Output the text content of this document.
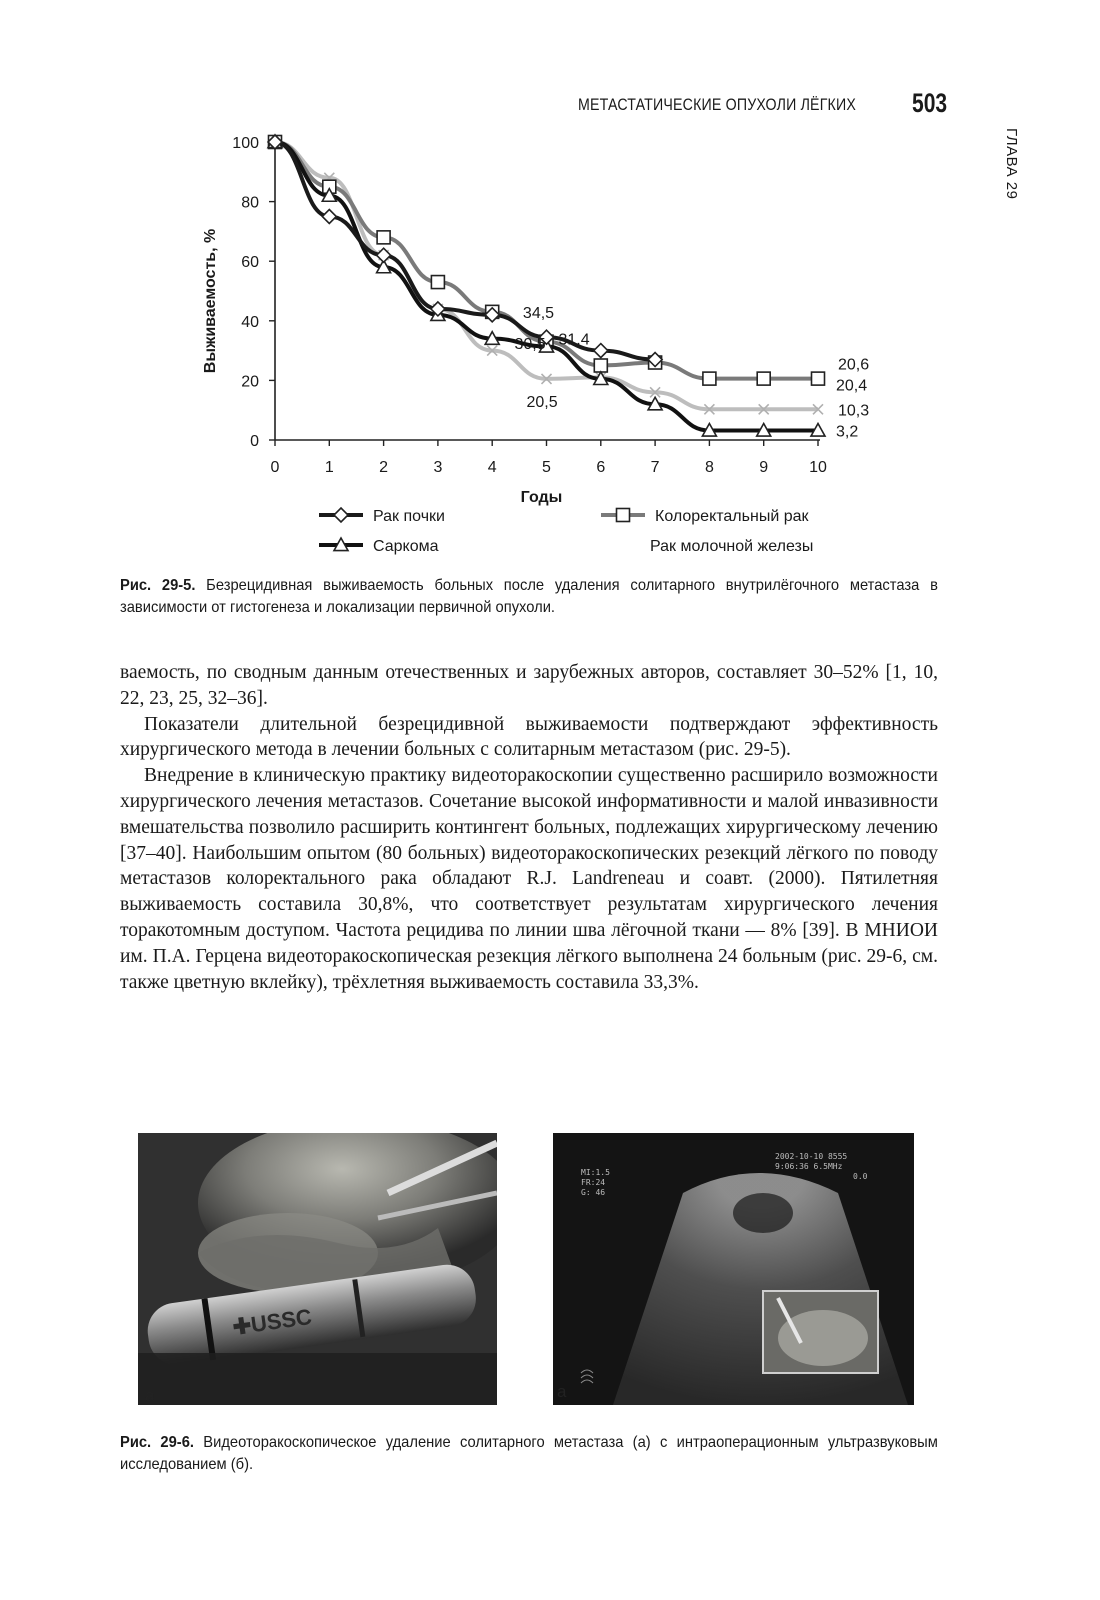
МЕТАСТАТИЧЕСКИЕ ОПУХОЛИ ЛЁГКИХ 503
ГЛАВА 29
0
20
40
60
80
100
0	1	2	3	4	5	6	7	8	9	10
Годы
Выживаемость, %	34,5
31,4
30,5
20,5
20,6
20,4
10,3
3,2
Рак почки	Колоректальный рак
Саркома	Рак молочной железы
Рис. 29-5. Безрецидивная выживаемость больных после удаления солитарного внутрилёгочного метастаза в зависимости от гистогенеза и локализации первичной опухоли.

ваемость, по сводным данным отечественных и зарубежных авторов, составляет 30–52% [1, 10, 22, 23, 25, 32–36].

Показатели длительной безрецидивной выживаемости подтверждают эффективность хирургического метода в лечении больных с солитарным метастазом (рис. 29-5).

Внедрение в клиническую практику видеоторакоскопии существенно расширило возможности хирургического лечения метастазов. Сочетание высокой информативности и малой инвазивности вмешательства позволило расширить контингент больных, подлежащих хирургическому лечению [37–40]. Наибольшим опытом (80 больных) видеоторакоскопических резекций лёгкого по поводу метастазов колоректального рака обладают R.J. Landreneau и соавт. (2000). Пятилетняя выживаемость составила 30,8%, что соответствует результатам хирургического лечения торакотомным доступом. Частота рецидива по линии шва лёгочной ткани — 8% [39]. В МНИОИ им. П.А. Герцена видеоторакоскопическая резекция лёгкого выполнена 24 больным (рис. 29-6, см. также цветную вклейку), трёхлетняя выживаемость составила 33,3%.

✚USSC
MI:1.5
FR:24
G: 46
2002-10-10 8555
9:06:36 6.5MHz
0.0
а	а
Рис. 29-6. Видеоторакоскопическое удаление солитарного метастаза (а) с интраоперационным ультразвуковым исследованием (б).
